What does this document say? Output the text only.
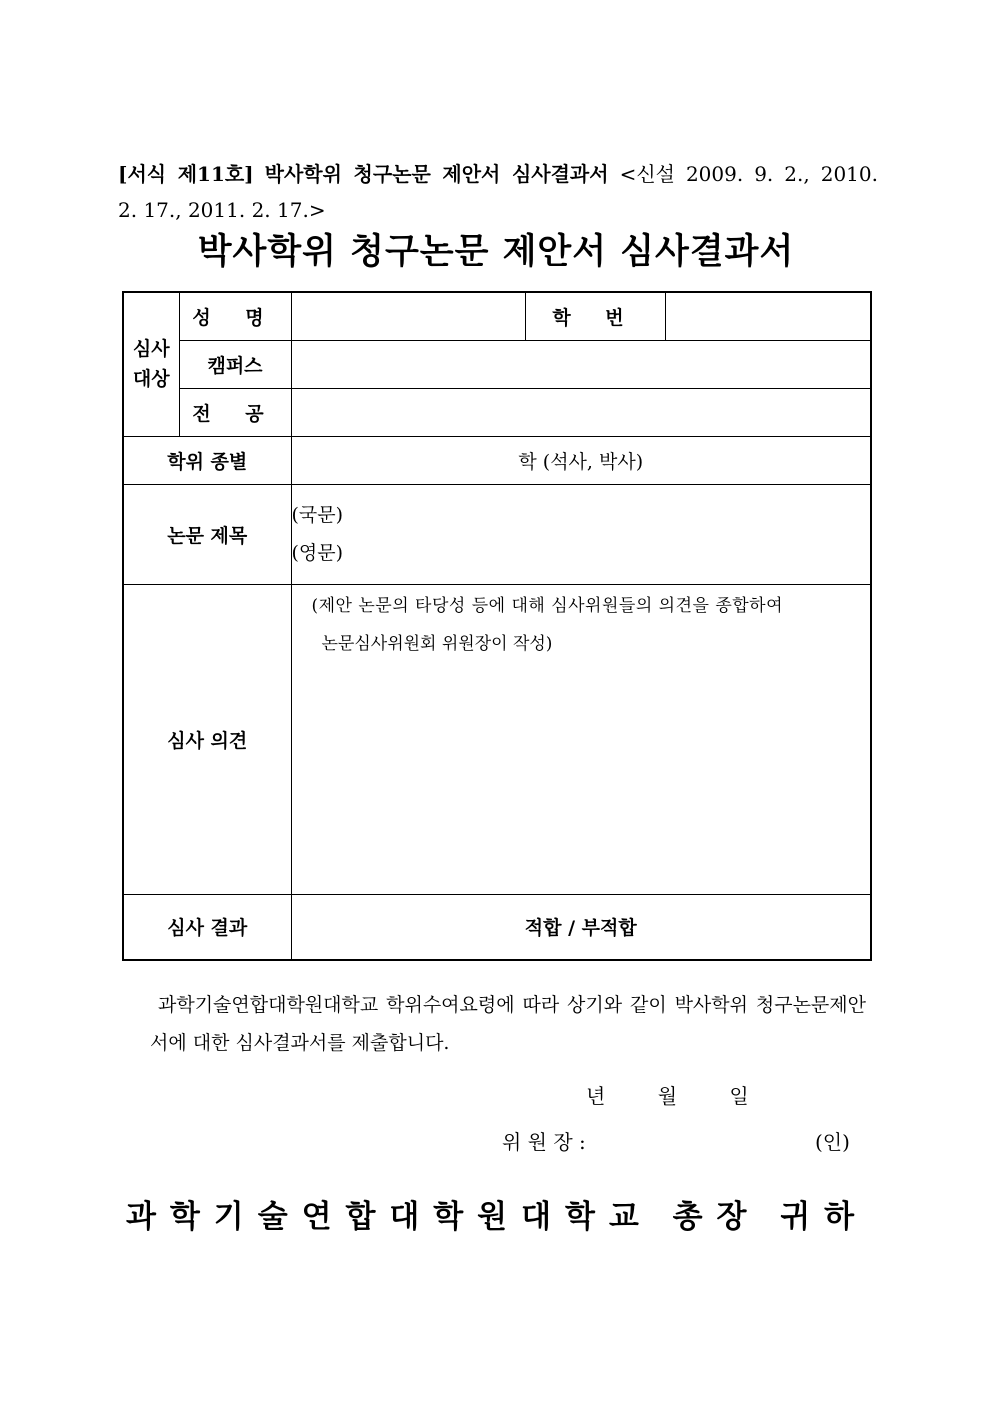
[서식 제11호] 박사학위 청구논문 제안서 심사결과서 <신설 2009. 9. 2., 2010.
2. 17., 2011. 2. 17.>
박사학위 청구논문 제안서 심사결과서
심사
대상	성 명		학 번	
	캠퍼스			
	전 공			
학위 종별		학 (석사, 박사)		
논문 제목		(국문)
(영문)		

심사 의견		(제안 논문의 타당성 등에 대해 심사위원들의 의견을 종합하여
논문심사위원회 위원장이 작성)		

심사 결과		적합 / 부적합		
과학기술연합대학원대학교 학위수여요령에 따라 상기와 같이 박사학위 청구논문제안서에 대한 심사결과서를 제출합니다.
년	월	일
위 원 장 :	(인)
과학기술연합대학원대학교 총장 귀하
